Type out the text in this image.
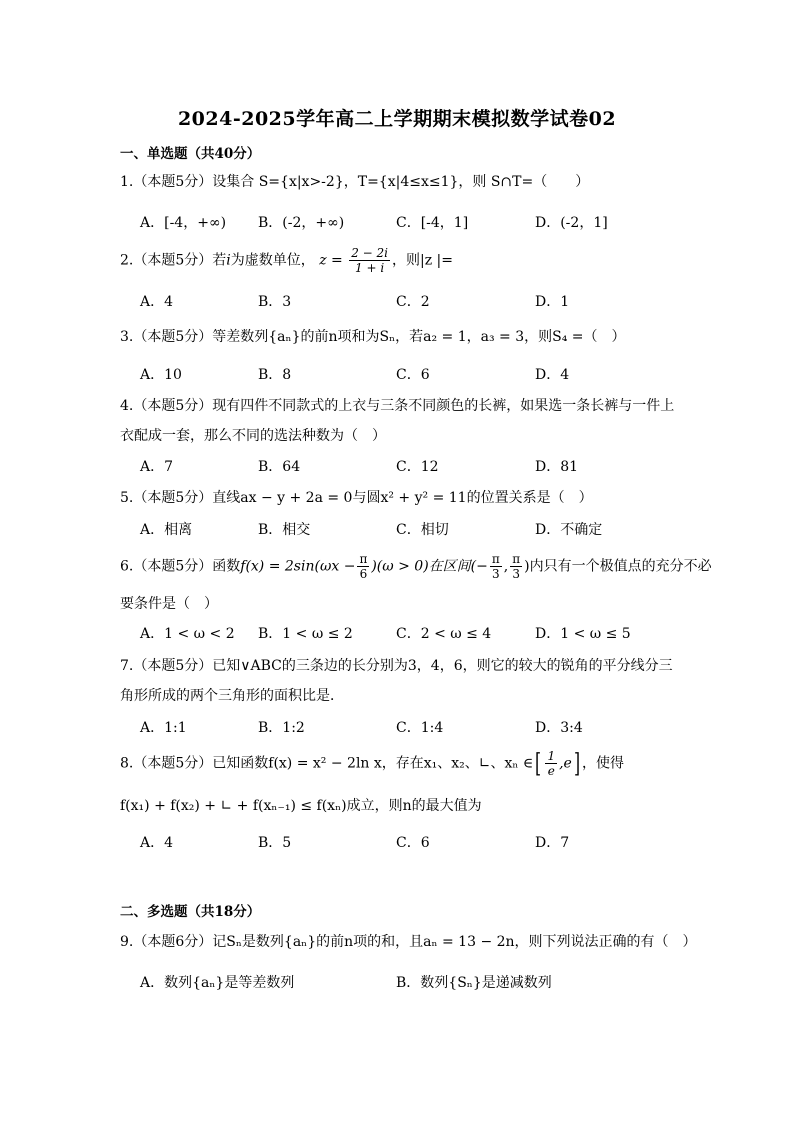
2024-2025学年高二上学期期末模拟数学试卷02
一、单选题（共40分）
1.（本题5分）设集合 S={x|x>-2}，T={x|4≤x≤1}，则 S∩T=（　　）
A．[-4，+∞) B．(-2，+∞)	C．[-4，1]	D．(-2，1]
2.（本题5分）若i为虚数单位， $z = \frac{2 - 2i}{1 + i}$ ，则|z |=
A．4	B．3	C．2	D．1
3.（本题5分）等差数列{aₙ}的前n项和为Sₙ，若a₂ = 1，a₃ = 3，则S₄ =（　）
A．10	B．8	C．6	D．4
4.（本题5分）现有四件不同款式的上衣与三条不同颜色的长裤，如果选一条长裤与一件上
衣配成一套，那么不同的选法种数为（　）
A．7	B．64	C．12	D．81
5.（本题5分）直线ax − y + 2a = 0与圆x² + y² = 11的位置关系是（　）
A．相离	B．相交	C．相切	D．不确定
6.（本题5分）函数$f(x) = 2\sin(\omega x - \frac{\pi}{6} )(\omega > 0)$在区间(− $\frac{\pi}{3}$ , $\frac{\pi}{3}$ )内只有一个极值点的充分不必
要条件是（　）
A．1 < ω < 2 B．1 < ω ≤ 2	C．2 < ω ≤ 4	D．1 < ω ≤ 5
7.（本题5分）已知∨ABC的三条边的长分别为3，4，6，则它的较大的锐角的平分线分三
角形所成的两个三角形的面积比是．
A．1:1	B．1:2	C．1:4	D．3:4
8.（本题5分）已知函数f(x) = x² − 2ln x，存在x₁、x₂、∟、xₙ ∈[ $\frac{1}{e} ,e$] ，使得
f(x₁) + f(x₂) + ∟ + f(xₙ₋₁) ≤ f(xₙ)成立，则n的最大值为
A．4	B．5	C．6	D．7
二、多选题（共18分）
9.（本题6分）记Sₙ是数列{aₙ}的前n项的和，且aₙ = 13 − 2n，则下列说法正确的有（　）
A．数列{aₙ}是等差数列	B．数列{Sₙ}是递减数列
